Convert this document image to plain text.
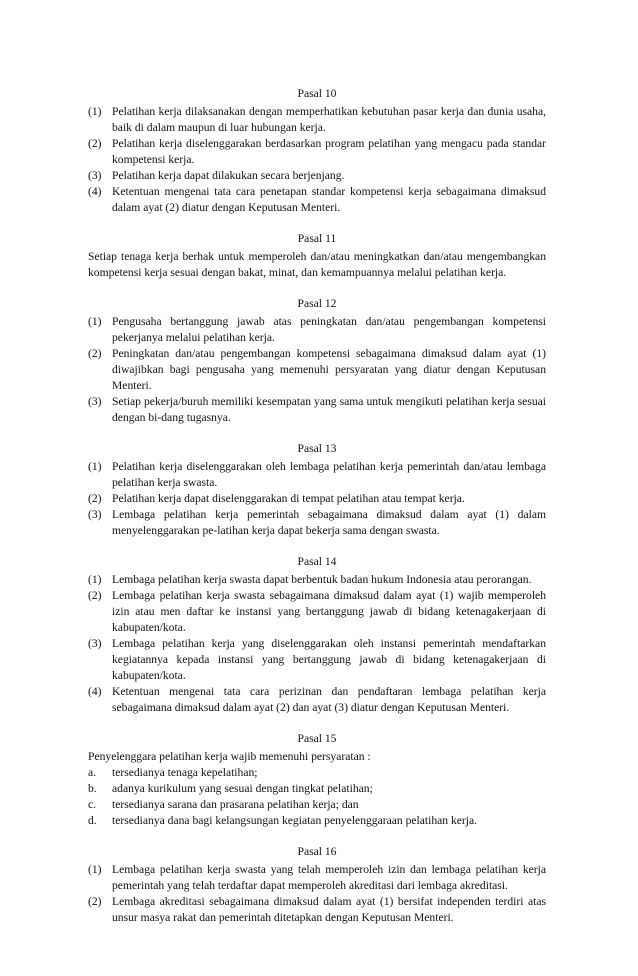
Pasal 10
(1) Pelatihan kerja dilaksanakan dengan memperhatikan kebutuhan pasar kerja dan dunia usaha, baik di dalam maupun di luar hubungan kerja.
(2) Pelatihan kerja diselenggarakan berdasarkan program pelatihan yang mengacu pada standar kompetensi kerja.
(3) Pelatihan kerja dapat dilakukan secara berjenjang.
(4) Ketentuan mengenai tata cara penetapan standar kompetensi kerja sebagaimana dimaksud dalam ayat (2) diatur dengan Keputusan Menteri.
Pasal 11

Setiap tenaga kerja berhak untuk memperoleh dan/atau meningkatkan dan/atau mengembangkan kompetensi kerja sesuai dengan bakat, minat, dan kemampuannya melalui pelatihan kerja.

Pasal 12
(1) Pengusaha bertanggung jawab atas peningkatan dan/atau pengembangan kompetensi pekerjanya melalui pelatihan kerja.
(2) Peningkatan dan/atau pengembangan kompetensi sebagaimana dimaksud dalam ayat (1) diwajibkan bagi pengusaha yang memenuhi persyaratan yang diatur dengan Keputusan Menteri.
(3) Setiap pekerja/buruh memiliki kesempatan yang sama untuk mengikuti pelatihan kerja sesuai dengan bi-dang tugasnya.
Pasal 13
(1) Pelatihan kerja diselenggarakan oleh lembaga pelatihan kerja pemerintah dan/atau lembaga pelatihan kerja swasta.
(2) Pelatihan kerja dapat diselenggarakan di tempat pelatihan atau tempat kerja.
(3) Lembaga pelatihan kerja pemerintah sebagaimana dimaksud dalam ayat (1) dalam menyelenggarakan pe-latihan kerja dapat bekerja sama dengan swasta.
Pasal 14
(1) Lembaga pelatihan kerja swasta dapat berbentuk badan hukum Indonesia atau perorangan.
(2) Lembaga pelatihan kerja swasta sebagaimana dimaksud dalam ayat (1) wajib memperoleh izin atau men daftar ke instansi yang bertanggung jawab di bidang ketenagakerjaan di kabupaten/kota.
(3) Lembaga pelatihan kerja yang diselenggarakan oleh instansi pemerintah mendaftarkan kegiatannya kepada instansi yang bertanggung jawab di bidang ketenagakerjaan di kabupaten/kota.
(4) Ketentuan mengenai tata cara perizinan dan pendaftaran lembaga pelatihan kerja sebagaimana dimaksud dalam ayat (2) dan ayat (3) diatur dengan Keputusan Menteri.
Pasal 15

Penyelenggara pelatihan kerja wajib memenuhi persyaratan :

a.	tersedianya tenaga kepelatihan;
b.	adanya kurikulum yang sesuai dengan tingkat pelatihan;
c.	tersedianya sarana dan prasarana pelatihan kerja; dan
d.	tersedianya dana bagi kelangsungan kegiatan penyelenggaraan pelatihan kerja.
Pasal 16
(1) Lembaga pelatihan kerja swasta yang telah memperoleh izin dan lembaga pelatihan kerja pemerintah yang telah terdaftar dapat memperoleh akreditasi dari lembaga akreditasi.
(2) Lembaga akreditasi sebagaimana dimaksud dalam ayat (1) bersifat independen terdiri atas unsur masya rakat dan pemerintah ditetapkan dengan Keputusan Menteri.
